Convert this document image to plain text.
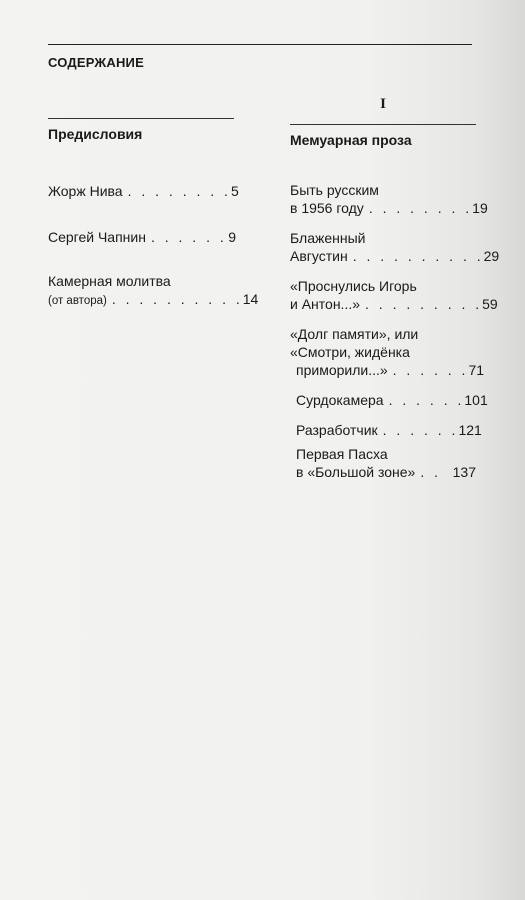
СОДЕРЖАНИЕ
Предисловия
Жорж Нива . . . . . . . . 5
Сергей Чапнин . . . . . . 9
Камерная молитва
(от автора) . . . . . . . . . . 14
I
Мемуарная проза
Быть русским
в 1956 году . . . . . . . . 19
Блаженный
Августин . . . . . . . . . . 29
«Проснулись Игорь
и Антон...» . . . . . . . . . 59
«Долг памяти», или
«Смотри, жидёнка
приморили...» . . . . . . 71
Сурдокамера . . . . . . 101
Разработчик . . . . . . 121
Первая Пасха
в «Большой зоне» . . 137
